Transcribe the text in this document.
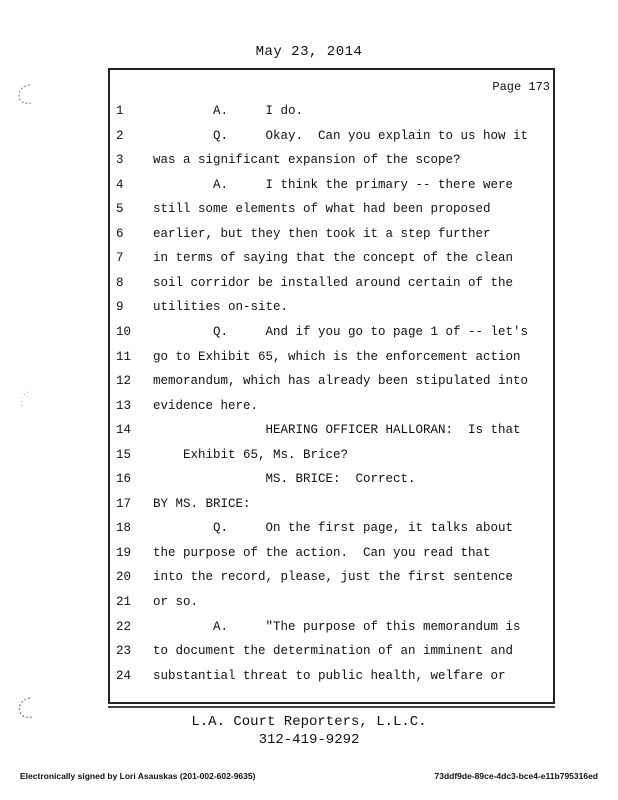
May 23, 2014
Page 173
1	A.     I do.
2	Q.     Okay.  Can you explain to us how it
3	was a significant expansion of the scope?
4	A.     I think the primary -- there were
5	still some elements of what had been proposed
6	earlier, but they then took it a step further
7	in terms of saying that the concept of the clean
8	soil corridor be installed around certain of the
9	utilities on-site.
10	Q.     And if you go to page 1 of -- let's
11	go to Exhibit 65, which is the enforcement action
12	memorandum, which has already been stipulated into
13	evidence here.
14	HEARING OFFICER HALLORAN:  Is that
15	Exhibit 65, Ms. Brice?
16	MS. BRICE:  Correct.
17	BY MS. BRICE:
18	Q.     On the first page, it talks about
19	the purpose of the action.  Can you read that
20	into the record, please, just the first sentence
21	or so.
22	A.     "The purpose of this memorandum is
23	to document the determination of an imminent and
24	substantial threat to public health, welfare or
L.A. Court Reporters, L.L.C.
312-419-9292
Electronically signed by Lori Asauskas (201-002-602-9635)	73ddf9de-89ce-4dc3-bce4-e11b795316ed
